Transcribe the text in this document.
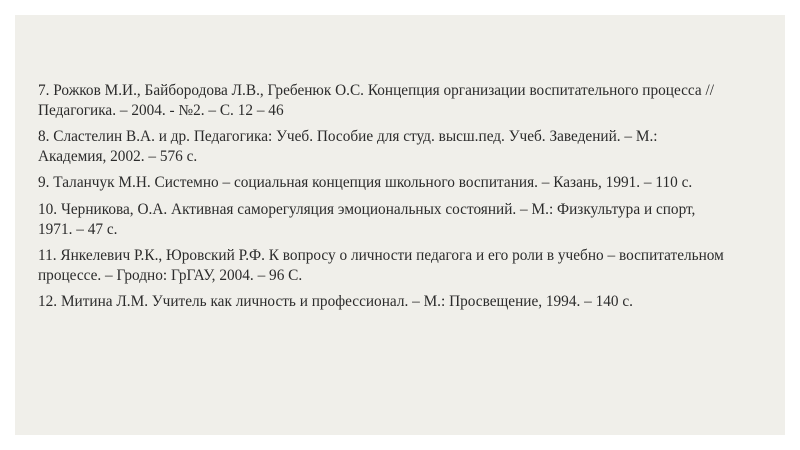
7. Рожков М.И., Байбородова Л.В., Гребенюк О.С. Концепция организации воспитательного процесса // Педагогика. – 2004. - №2. – С. 12 – 46
8. Сластелин В.А. и др. Педагогика: Учеб. Пособие для студ. высш.пед. Учеб. Заведений. – М.: Академия, 2002. – 576 с.
9. Таланчук М.Н. Системно – социальная концепция школьного воспитания. – Казань, 1991. – 110 с.
10. Черникова, О.А. Активная саморегуляция эмоциональных состояний. – М.: Физкультура и спорт, 1971. – 47 с.
11. Янкелевич Р.К., Юровский Р.Ф. К вопросу о личности педагога и его роли в учебно – воспитательном процессе. – Гродно: ГрГАУ, 2004. – 96 С.
12. Митина Л.М. Учитель как личность и профессионал. – М.: Просвещение, 1994. – 140 с.
